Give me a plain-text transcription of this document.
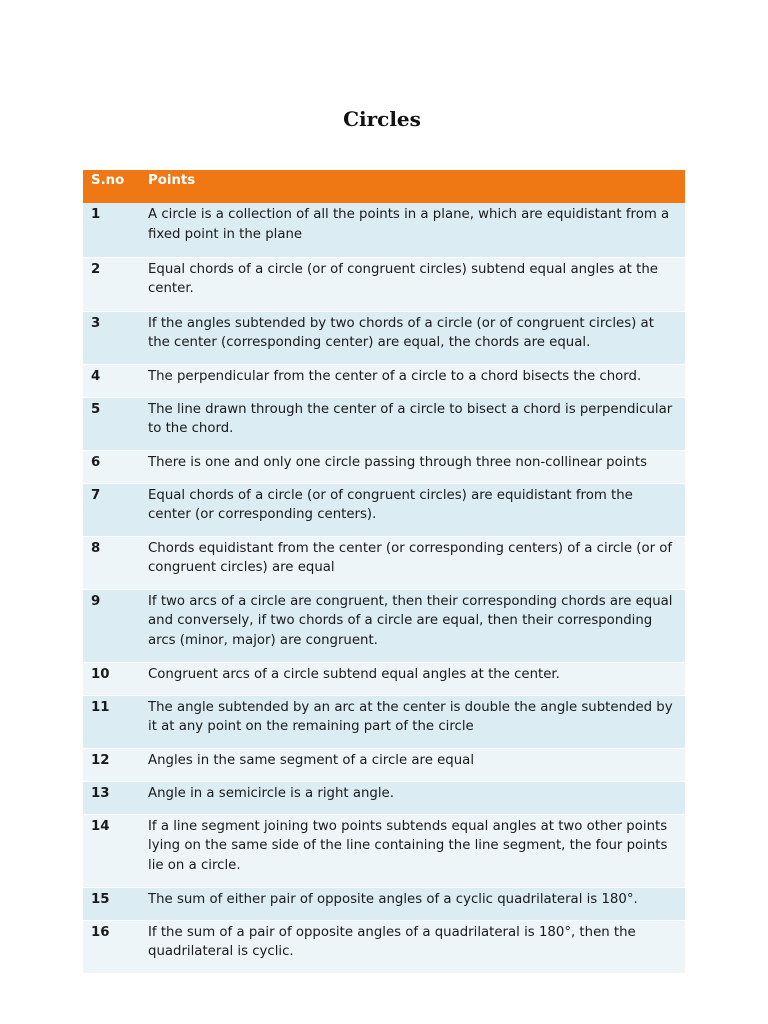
Circles
S.no	Points
1	A circle is a collection of all the points in a plane, which are equidistant from a fixed point in the plane
2	Equal chords of a circle (or of congruent circles) subtend equal angles at the center.
3	If the angles subtended by two chords of a circle (or of congruent circles) at the center (corresponding center) are equal, the chords are equal.
4	The perpendicular from the center of a circle to a chord bisects the chord.
5	The line drawn through the center of a circle to bisect a chord is perpendicular to the chord.
6	There is one and only one circle passing through three non-collinear points
7	Equal chords of a circle (or of congruent circles) are equidistant from the center (or corresponding centers).
8	Chords equidistant from the center (or corresponding centers) of a circle (or of congruent circles) are equal
9	If two arcs of a circle are congruent, then their corresponding chords are equal and conversely, if two chords of a circle are equal, then their corresponding arcs (minor, major) are congruent.
10	Congruent arcs of a circle subtend equal angles at the center.
11	The angle subtended by an arc at the center is double the angle subtended by it at any point on the remaining part of the circle
12	Angles in the same segment of a circle are equal
13	Angle in a semicircle is a right angle.
14	If a line segment joining two points subtends equal angles at two other points lying on the same side of the line containing the line segment, the four points lie on a circle.
15	The sum of either pair of opposite angles of a cyclic quadrilateral is 180°.
16	If the sum of a pair of opposite angles of a quadrilateral is 180°, then the quadrilateral is cyclic.
